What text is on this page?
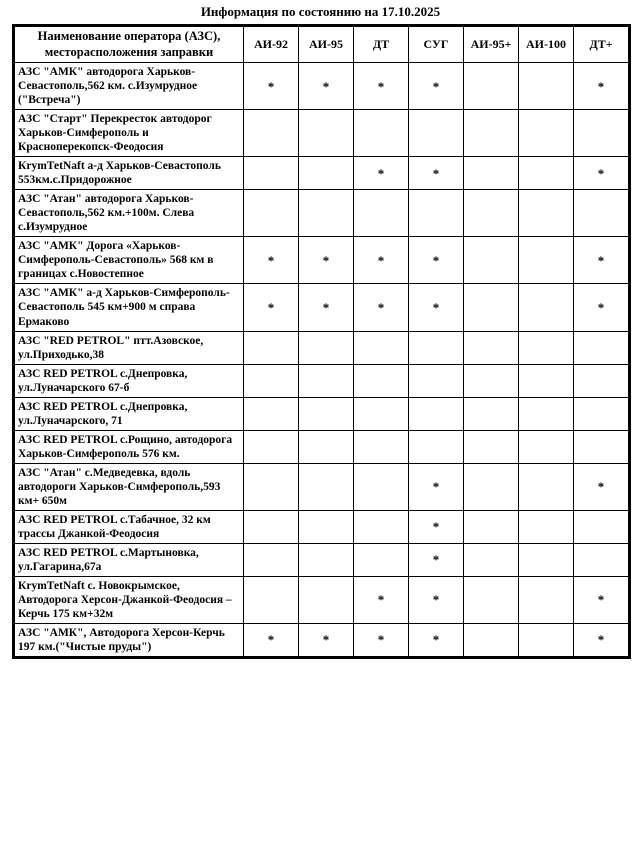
Информация по состоянию на 17.10.2025
Наименование оператора (АЗС), месторасположения заправки	АИ-92	АИ-95	ДТ	СУГ	АИ-95+	АИ-100	ДТ+
АЗС "АМК" автодорога Харьков-Севастополь,562 км. с.Изумрудное ("Встреча")	*	*	*	*			*
АЗС "Старт" Перекресток автодорог Харьков-Симферополь и Красноперекопск-Феодосия							
КrуmТеtNaft а-д Харьков-Севастополь 553км.с.Придорожное			*	*			*
АЗС "Атан" автодорога Харьков-Севастополь,562 км.+100м. Слева с.Изумрудное							
АЗС "АМК" Дорога «Харьков-Симферополь-Севастополь» 568 км в границах с.Новостепное	*	*	*	*			*
АЗС "АМК" а-д Харьков-Симферополь-Севастополь 545 км+900 м справа Ермаково	*	*	*	*			*
АЗС "RED PETROL" птт.Азовское, ул.Приходько,38							
АЗС RED PETROL с.Днепровка, ул.Луначарского 67-б							
АЗС RED PETROL с.Днепровка, ул.Луначарского, 71							
АЗС RED PETROL с.Рощино, автодорога Харьков-Симферополь 576 км.							
АЗС "Атан" с.Медведевка, вдоль автодороги Харьков-Симферополь,593 км+ 650м				*			*
АЗС RED PETROL с.Табачное, 32 км трассы Джанкой-Феодосия				*			
АЗС RED PETROL с.Мартыновка, ул.Гагарина,67а				*			
КrуmТеtNaft с. Новокрымское, Автодорога Херсон-Джанкой-Феодосия –Керчь 175 км+32м			*	*			*
АЗС "АМК", Автодорога Херсон-Керчь 197 км.("Чистые пруды")	*	*	*	*			*
